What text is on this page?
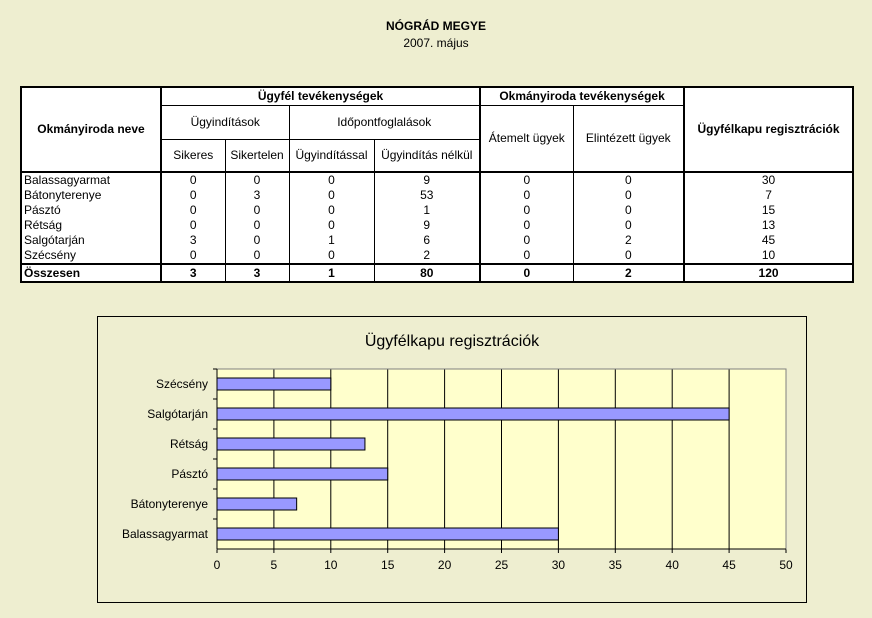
NÓGRÁD MEGYE
2007. május
Okmányiroda neve	Ügyfél tevékenységek				Okmányiroda tevékenységek		Ügyfélkapu regisztrációk
	Ügyindítások		Időpontfoglalások		Átemelt ügyek	Elintézett ügyek	
	Sikeres	Sikertelen	Ügyindítással	Ügyindítás nélkül			
Balassagyarmat	0	0	0	9	0	0	30
Bátonyterenye	0	3	0	53	0	0	7
Pásztó	0	0	0	1	0	0	15
Rétság	0	0	0	9	0	0	13
Salgótarján	3	0	1	6	0	2	45
Szécsény	0	0	0	2	0	0	10
Összesen	3	3	1	80	0	2	120
Ügyfélkapu regisztrációk
0	5	10	15	20	25	30	35	40	45	50
Szécsény
Salgótarján
Rétság
Pásztó
Bátonyterenye
Balassagyarmat
